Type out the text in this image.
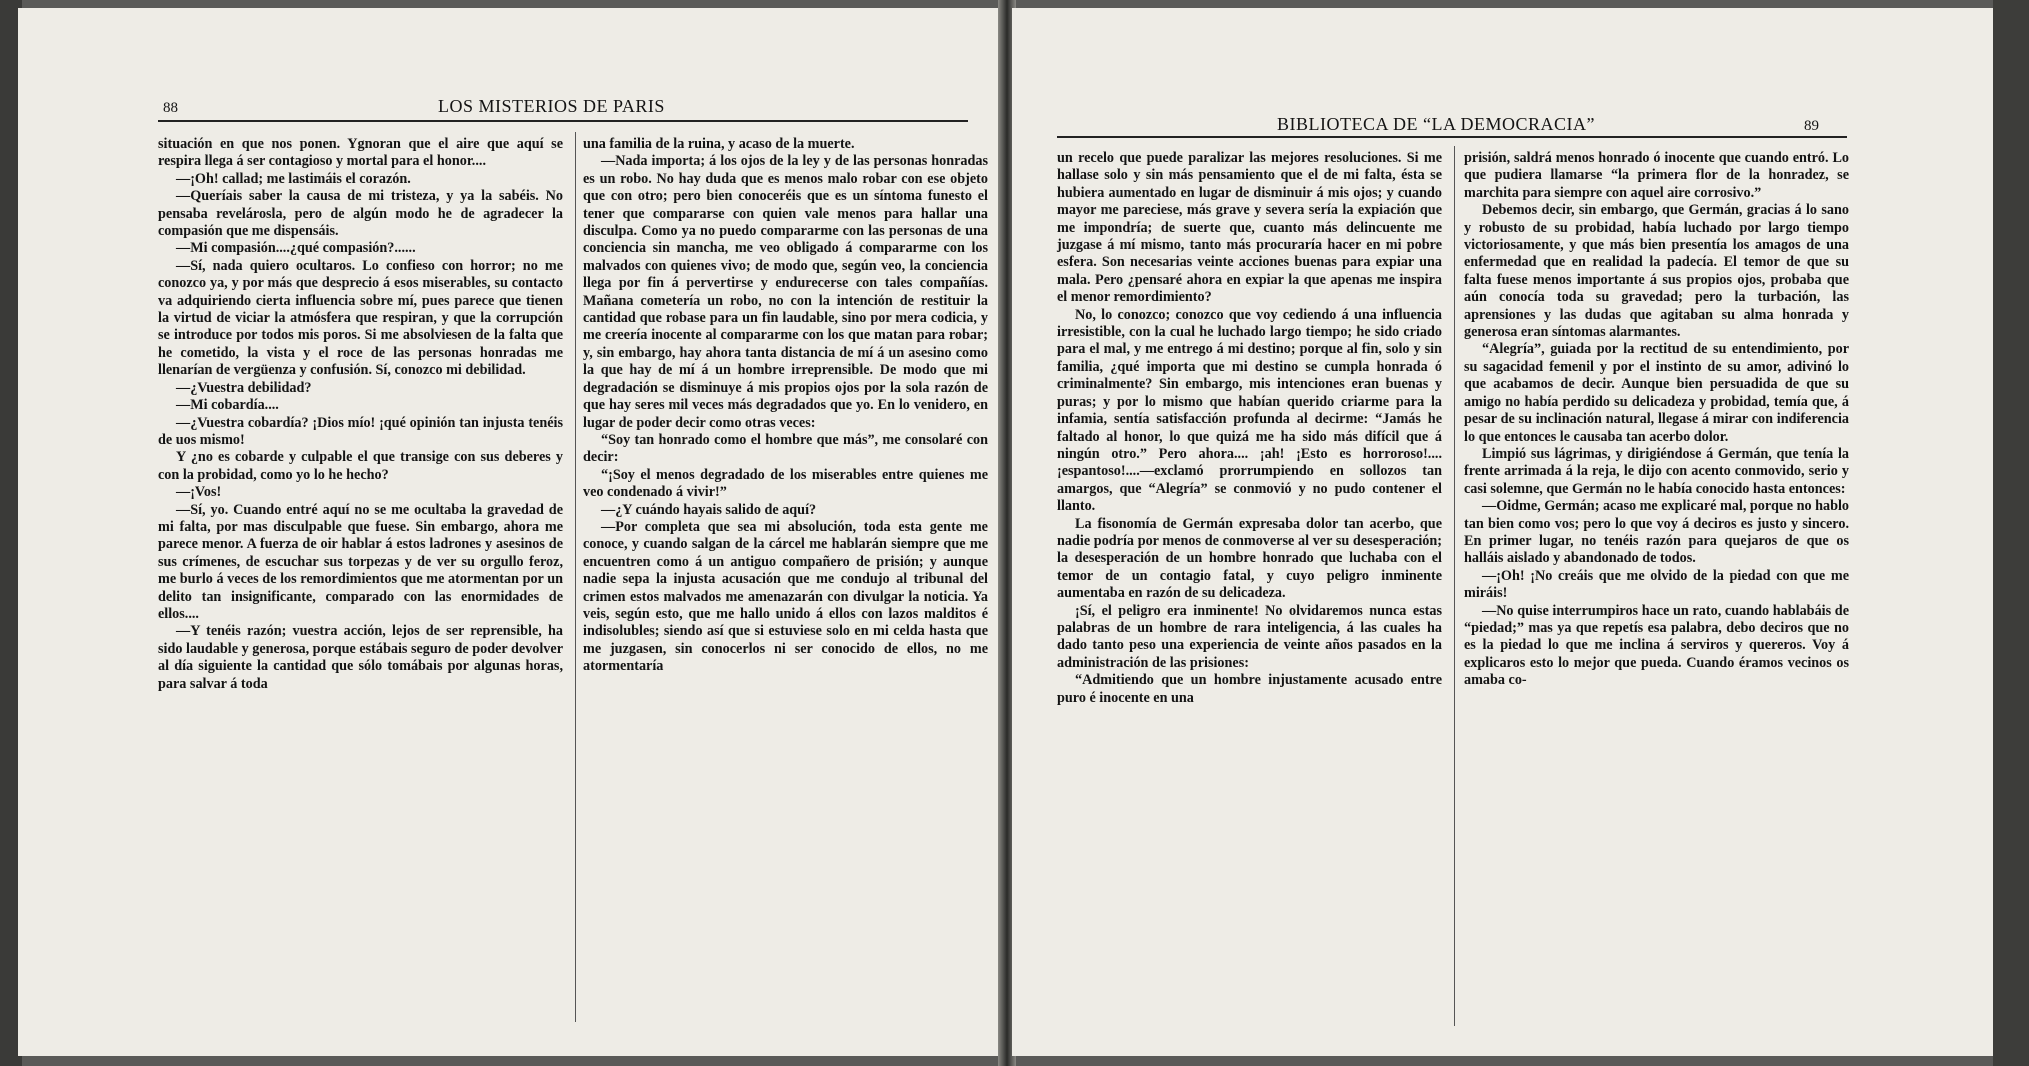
88	LOS MISTERIOS DE PARIS

situación en que nos ponen. Ygnoran que el aire que aquí se respira llega á ser contagioso y mortal para el honor....

—¡Oh! callad; me lastimáis el corazón.

—Queríais saber la causa de mi tristeza, y ya la sabéis. No pensaba revelárosla, pero de algún modo he de agradecer la compasión que me dispensáis.

—Mi compasión....¿qué compasión?......

—Sí, nada quiero ocultaros. Lo confieso con horror; no me conozco ya, y por más que desprecio á esos miserables, su contacto va adquiriendo cierta influencia sobre mí, pues parece que tienen la virtud de viciar la atmósfera que respiran, y que la corrupción se introduce por todos mis poros. Si me absolviesen de la falta que he cometido, la vista y el roce de las personas honradas me llenarían de vergüenza y confusión. Sí, conozco mi debilidad.

—¿Vuestra debilidad?

—Mi cobardía....

—¿Vuestra cobardía? ¡Dios mío! ¡qué opinión tan injusta tenéis de uos mismo!

Y ¿no es cobarde y culpable el que transige con sus deberes y con la probidad, como yo lo he hecho?

—¡Vos!

—Sí, yo. Cuando entré aquí no se me ocultaba la gravedad de mi falta, por mas disculpable que fuese. Sin embargo, ahora me parece menor. A fuerza de oir hablar á estos ladrones y asesinos de sus crímenes, de escuchar sus torpezas y de ver su orgullo feroz, me burlo á veces de los remordimientos que me atormentan por un delito tan insignificante, comparado con las enormidades de ellos....

—Y tenéis razón; vuestra acción, lejos de ser reprensible, ha sido laudable y generosa, porque estábais seguro de poder devolver al día siguiente la cantidad que sólo tomábais por algunas horas, para salvar á toda

una familia de la ruina, y acaso de la muerte.

—Nada importa; á los ojos de la ley y de las personas honradas es un robo. No hay duda que es menos malo robar con ese objeto que con otro; pero bien conoceréis que es un síntoma funesto el tener que compararse con quien vale menos para hallar una disculpa. Como ya no puedo compararme con las personas de una conciencia sin mancha, me veo obligado á compararme con los malvados con quienes vivo; de modo que, según veo, la conciencia llega por fin á pervertirse y endurecerse con tales compañías. Mañana cometería un robo, no con la intención de restituir la cantidad que robase para un fin laudable, sino por mera codicia, y me creería inocente al compararme con los que matan para robar; y, sin embargo, hay ahora tanta distancia de mí á un asesino como la que hay de mí á un hombre irreprensible. De modo que mi degradación se disminuye á mis propios ojos por la sola razón de que hay seres mil veces más degradados que yo. En lo venidero, en lugar de poder decir como otras veces:

“Soy tan honrado como el hombre que más”, me consolaré con decir:

“¡Soy el menos degradado de los miserables entre quienes me veo condenado á vivir!”

—¿Y cuándo hayais salido de aquí?

—Por completa que sea mi absolución, toda esta gente me conoce, y cuando salgan de la cárcel me hablarán siempre que me encuentren como á un antiguo compañero de prisión; y aunque nadie sepa la injusta acusación que me condujo al tribunal del crimen estos malvados me amenazarán con divulgar la noticia. Ya veis, según esto, que me hallo unido á ellos con lazos malditos é indisolubles; siendo así que si estuviese solo en mi celda hasta que me juzgasen, sin conocerlos ni ser conocido de ellos, no me atormentaría

BIBLIOTECA DE “LA DEMOCRACIA”	89

un recelo que puede paralizar las mejores resoluciones. Si me hallase solo y sin más pensamiento que el de mi falta, ésta se hubiera aumentado en lugar de disminuir á mis ojos; y cuando mayor me pareciese, más grave y severa sería la expiación que me impondría; de suerte que, cuanto más delincuente me juzgase á mí mismo, tanto más procuraría hacer en mi pobre esfera. Son necesarias veinte acciones buenas para expiar una mala. Pero ¿pensaré ahora en expiar la que apenas me inspira el menor remordimiento?

No, lo conozco; conozco que voy cediendo á una influencia irresistible, con la cual he luchado largo tiempo; he sido criado para el mal, y me entrego á mi destino; porque al fin, solo y sin familia, ¿qué importa que mi destino se cumpla honrada ó criminalmente? Sin embargo, mis intenciones eran buenas y puras; y por lo mismo que habían querido criarme para la infamia, sentía satisfacción profunda al decirme: “Jamás he faltado al honor, lo que quizá me ha sido más difícil que á ningún otro.” Pero ahora.... ¡ah! ¡Esto es horroroso!.... ¡espantoso!....—exclamó prorrumpiendo en sollozos tan amargos, que “Alegría” se conmovió y no pudo contener el llanto.

La fisonomía de Germán expresaba dolor tan acerbo, que nadie podría por menos de conmoverse al ver su desesperación; la desesperación de un hombre honrado que luchaba con el temor de un contagio fatal, y cuyo peligro inminente aumentaba en razón de su delicadeza.

¡Sí, el peligro era inminente! No olvidaremos nunca estas palabras de un hombre de rara inteligencia, á las cuales ha dado tanto peso una experiencia de veinte años pasados en la administración de las prisiones:

“Admitiendo que un hombre injustamente acusado entre puro é inocente en una

prisión, saldrá menos honrado ó inocente que cuando entró. Lo que pudiera llamarse “la primera flor de la honradez, se marchita para siempre con aquel aire corrosivo.”

Debemos decir, sin embargo, que Germán, gracias á lo sano y robusto de su probidad, había luchado por largo tiempo victoriosamente, y que más bien presentía los amagos de una enfermedad que en realidad la padecía. El temor de que su falta fuese menos importante á sus propios ojos, probaba que aún conocía toda su gravedad; pero la turbación, las aprensiones y las dudas que agitaban su alma honrada y generosa eran síntomas alarmantes.

“Alegría”, guiada por la rectitud de su entendimiento, por su sagacidad femenil y por el instinto de su amor, adivinó lo que acabamos de decir. Aunque bien persuadida de que su amigo no había perdido su delicadeza y probidad, temía que, á pesar de su inclinación natural, llegase á mirar con indiferencia lo que entonces le causaba tan acerbo dolor.

Limpió sus lágrimas, y dirigiéndose á Germán, que tenía la frente arrimada á la reja, le dijo con acento conmovido, serio y casi solemne, que Germán no le había conocido hasta entonces:

—Oidme, Germán; acaso me explicaré mal, porque no hablo tan bien como vos; pero lo que voy á deciros es justo y sincero. En primer lugar, no tenéis razón para quejaros de que os halláis aislado y abandonado de todos.

—¡Oh! ¡No creáis que me olvido de la piedad con que me miráis!

—No quise interrumpiros hace un rato, cuando hablabáis de “piedad;” mas ya que repetís esa palabra, debo deciros que no es la piedad lo que me inclina á serviros y quereros. Voy á explicaros esto lo mejor que pueda. Cuando éramos vecinos os amaba co-
